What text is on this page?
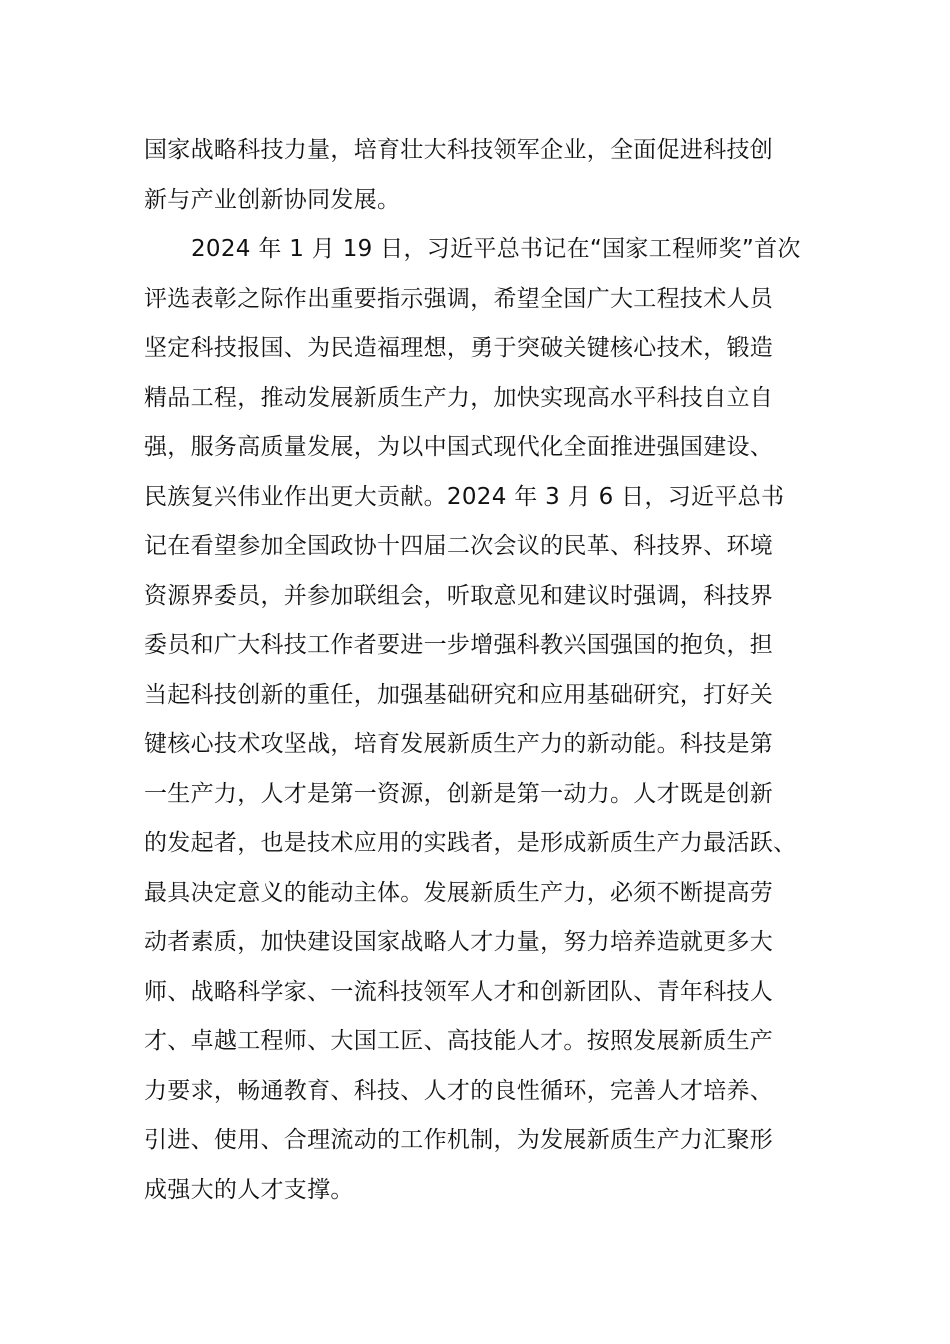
国家战略科技力量，培育壮大科技领军企业，全面促进科技创
新与产业创新协同发展。
2024 年 1 月 19 日，习近平总书记在“国家工程师奖”首次
评选表彰之际作出重要指示强调，希望全国广大工程技术人员
坚定科技报国、为民造福理想，勇于突破关键核心技术，锻造
精品工程，推动发展新质生产力，加快实现高水平科技自立自
强，服务高质量发展，为以中国式现代化全面推进强国建设、
民族复兴伟业作出更大贡献。2024 年 3 月 6 日，习近平总书
记在看望参加全国政协十四届二次会议的民革、科技界、环境
资源界委员，并参加联组会，听取意见和建议时强调，科技界
委员和广大科技工作者要进一步增强科教兴国强国的抱负，担
当起科技创新的重任，加强基础研究和应用基础研究，打好关
键核心技术攻坚战，培育发展新质生产力的新动能。科技是第
一生产力，人才是第一资源，创新是第一动力。人才既是创新
的发起者，也是技术应用的实践者，是形成新质生产力最活跃、
最具决定意义的能动主体。发展新质生产力，必须不断提高劳
动者素质，加快建设国家战略人才力量，努力培养造就更多大
师、战略科学家、一流科技领军人才和创新团队、青年科技人
才、卓越工程师、大国工匠、高技能人才。按照发展新质生产
力要求，畅通教育、科技、人才的良性循环，完善人才培养、
引进、使用、合理流动的工作机制，为发展新质生产力汇聚形
成强大的人才支撑。
